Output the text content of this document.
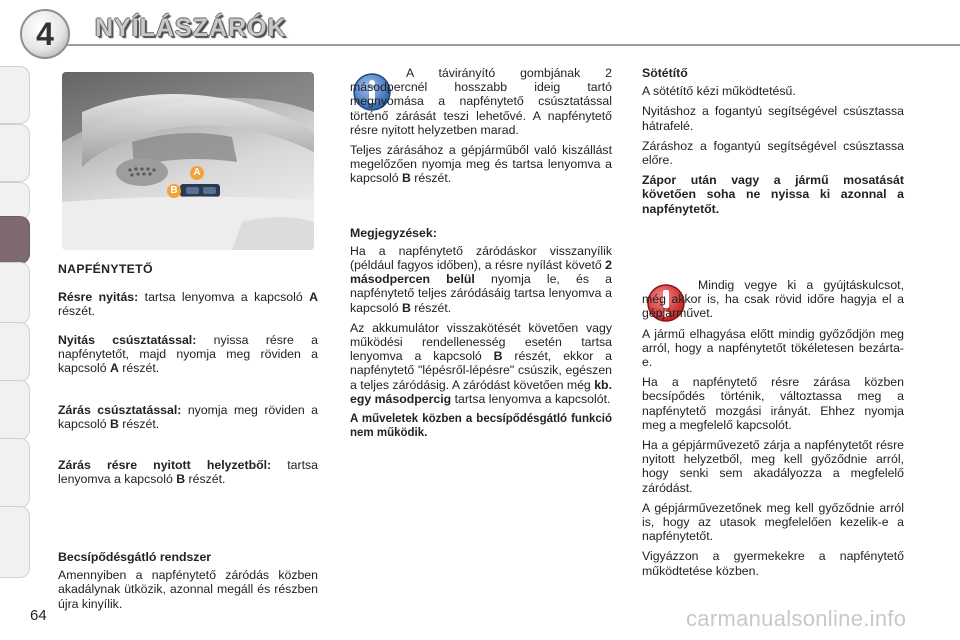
4	NYÍLÁSZÁRÓK
A
B

NAPFÉNYTETŐ

Résre nyitás: tartsa lenyomva a kapcsoló A részét.

Nyitás csúsztatással: nyissa résre a napfénytetőt, majd nyomja meg röviden a kapcsoló A részét.

Zárás csúsztatással: nyomja meg röviden a kapcsoló B részét.

Zárás résre nyitott helyzetből: tartsa lenyomva a kapcsoló B részét.

Becsípődésgátló rendszer

Amennyiben a napfénytető záródás közben akadálynak ütközik, azonnal megáll és részben újra kinyílik.

A távirányító gombjának 2 másodpercnél hosszabb ideig tartó megnyomása a napfénytető csúsztatással történő zárását teszi lehetővé. A napfénytető résre nyitott helyzetben marad.

Teljes zárásához a gépjárműből való kiszállást megelőzően nyomja meg és tartsa lenyomva a kapcsoló B részét.

Megjegyzések:

Ha a napfénytető záródáskor visszanyílik (például fagyos időben), a résre nyílást követő 2 másodpercen belül nyomja le, és a napfénytető teljes záródásáig tartsa lenyomva a kapcsoló B részét.

Az akkumulátor visszakötését követően vagy működési rendellenesség esetén tartsa lenyomva a kapcsoló B részét, ekkor a napfénytető "lépésről-lépésre" csúszik, egészen a teljes záródásig. A záródást követően még kb. egy másodpercig tartsa lenyomva a kapcsolót.

A műveletek közben a becsípődésgátló funkció nem működik.

Sötétítő

A sötétítő kézi működtetésű.

Nyitáshoz a fogantyú segítségével csúsztassa hátrafelé.

Záráshoz a fogantyú segítségével csúsztassa előre.

Zápor után vagy a jármű mosatását követően soha ne nyissa ki azonnal a napfénytetőt.

Mindig vegye ki a gyújtáskulcsot, még akkor is, ha csak rövid időre hagyja el a gépjárművet.

A jármű elhagyása előtt mindig győződjön meg arról, hogy a napfénytetőt tökéletesen bezárta-e.

Ha a napfénytető résre zárása közben becsípődés történik, változtassa meg a napfénytető mozgási irányát. Ehhez nyomja meg a megfelelő kapcsolót.

Ha a gépjárművezető zárja a napfénytetőt résre nyitott helyzetből, meg kell győződnie arról, hogy senki sem akadályozza a megfelelő záródást.

A gépjárművezetőnek meg kell győződnie arról is, hogy az utasok megfelelően kezelik-e a napfénytetőt.

Vigyázzon a gyermekekre a napfénytető működtetése közben.

64	carmanualsonline.info
